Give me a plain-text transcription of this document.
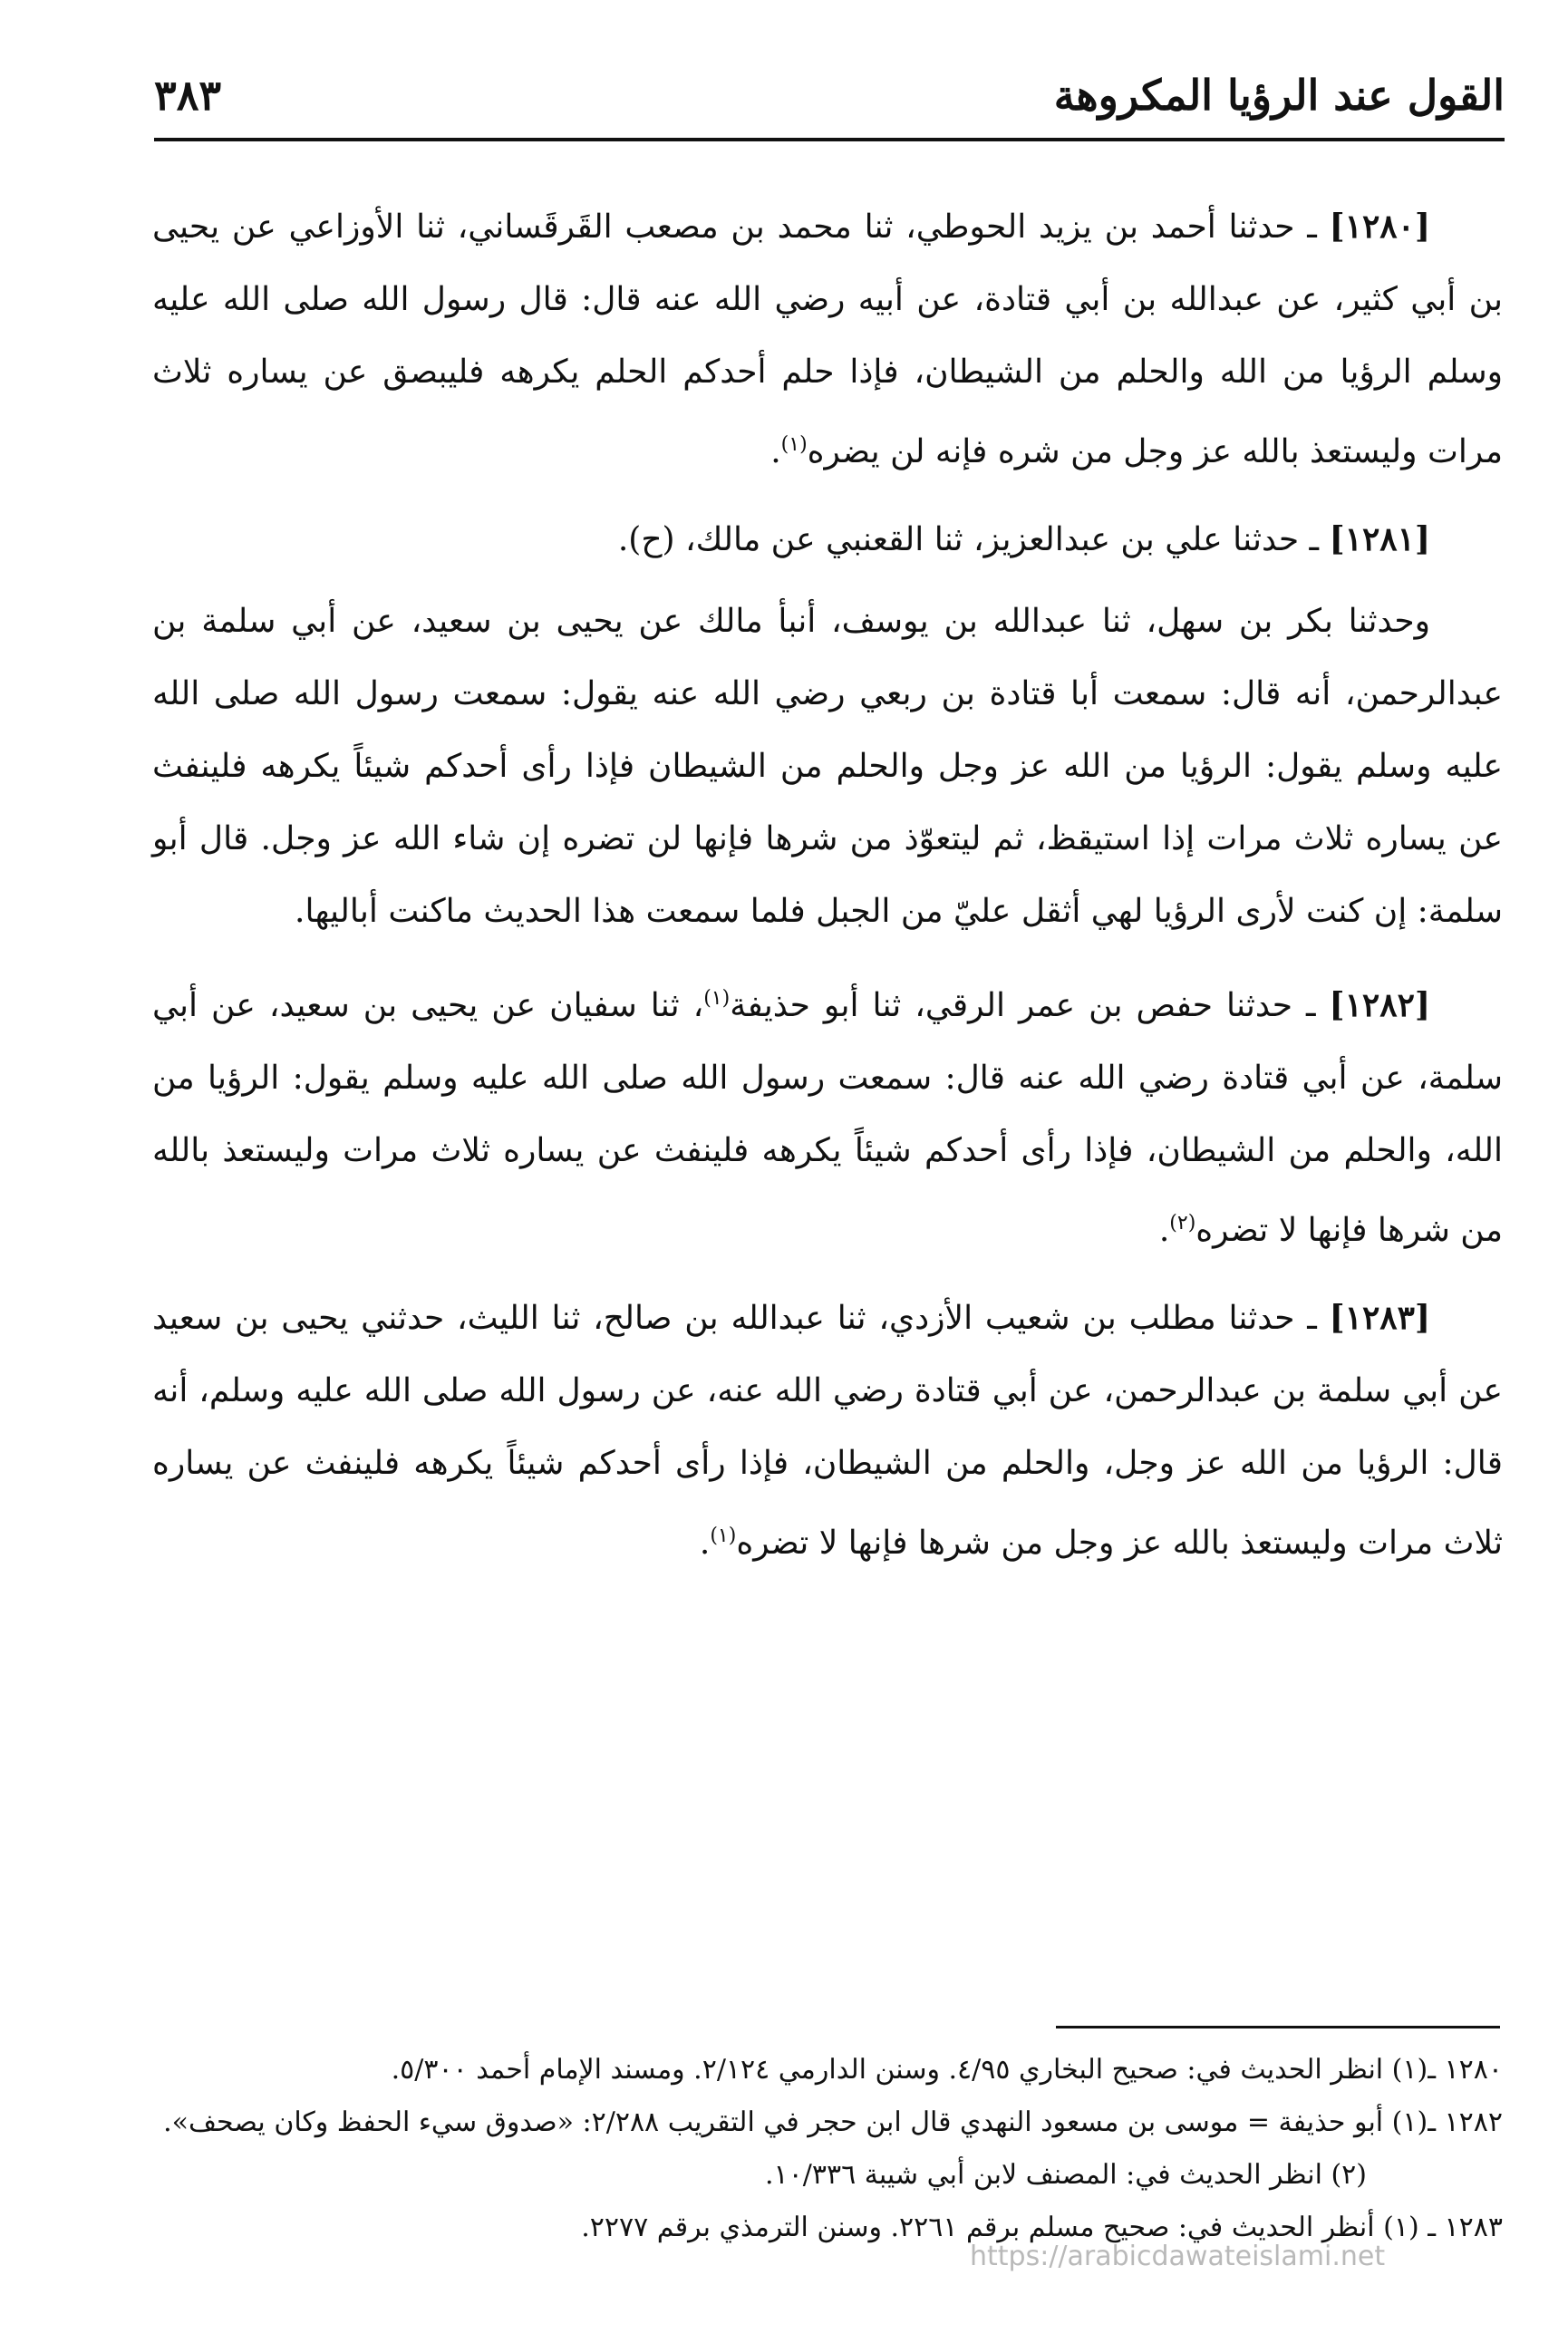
القول عند الرؤيا المكروهة
٣٨٣

[١٢٨٠] ـ حدثنا أحمد بن يزيد الحوطي، ثنا محمد بن مصعب القَرقَساني، ثنا الأوزاعي عن يحيى بن أبي كثير، عن عبدالله بن أبي قتادة، عن أبيه رضي الله عنه قال: قال رسول الله صلى الله عليه وسلم الرؤيا من الله والحلم من الشيطان، فإذا حلم أحدكم الحلم يكرهه فليبصق عن يساره ثلاث مرات وليستعذ بالله عز وجل من شره فإنه لن يضره$^{(١)}$.

[١٢٨١] ـ حدثنا علي بن عبدالعزيز، ثنا القعنبي عن مالك، (ح).

وحدثنا بكر بن سهل، ثنا عبدالله بن يوسف، أنبأ مالك عن يحيى بن سعيد، عن أبي سلمة بن عبدالرحمن، أنه قال: سمعت أبا قتادة بن ربعي رضي الله عنه يقول: سمعت رسول الله صلى الله عليه وسلم يقول: الرؤيا من الله عز وجل والحلم من الشيطان فإذا رأى أحدكم شيئاً يكرهه فلينفث عن يساره ثلاث مرات إذا استيقظ، ثم ليتعوّذ من شرها فإنها لن تضره إن شاء الله عز وجل. قال أبو سلمة: إن كنت لأرى الرؤيا لهي أثقل عليّ من الجبل فلما سمعت هذا الحديث ماكنت أباليها.

[١٢٨٢] ـ حدثنا حفص بن عمر الرقي، ثنا أبو حذيفة$^{(١)}$، ثنا سفيان عن يحيى بن سعيد، عن أبي سلمة، عن أبي قتادة رضي الله عنه قال: سمعت رسول الله صلى الله عليه وسلم يقول: الرؤيا من الله، والحلم من الشيطان، فإذا رأى أحدكم شيئاً يكرهه فلينفث عن يساره ثلاث مرات وليستعذ بالله من شرها فإنها لا تضره$^{(٢)}$.

[١٢٨٣] ـ حدثنا مطلب بن شعيب الأزدي، ثنا عبدالله بن صالح، ثنا الليث، حدثني يحيى بن سعيد عن أبي سلمة بن عبدالرحمن، عن أبي قتادة رضي الله عنه، عن رسول الله صلى الله عليه وسلم، أنه قال: الرؤيا من الله عز وجل، والحلم من الشيطان، فإذا رأى أحدكم شيئاً يكرهه فلينفث عن يساره ثلاث مرات وليستعذ بالله عز وجل من شرها فإنها لا تضره$^{(١)}$.

١٢٨٠ ـ(١) انظر الحديث في: صحيح البخاري ٤/٩٥. وسنن الدارمي ٢/١٢٤. ومسند الإمام أحمد ٥/٣٠٠.

١٢٨٢ ـ(١) أبو حذيفة = موسى بن مسعود النهدي قال ابن حجر في التقريب ٢/٢٨٨: «صدوق سيء الحفظ وكان يصحف».

(٢) انظر الحديث في: المصنف لابن أبي شيبة ١٠/٣٣٦.

١٢٨٣ ـ (١) أنظر الحديث في: صحيح مسلم برقم ٢٢٦١. وسنن الترمذي برقم ٢٢٧٧.

https://arabicdawateislami.net
